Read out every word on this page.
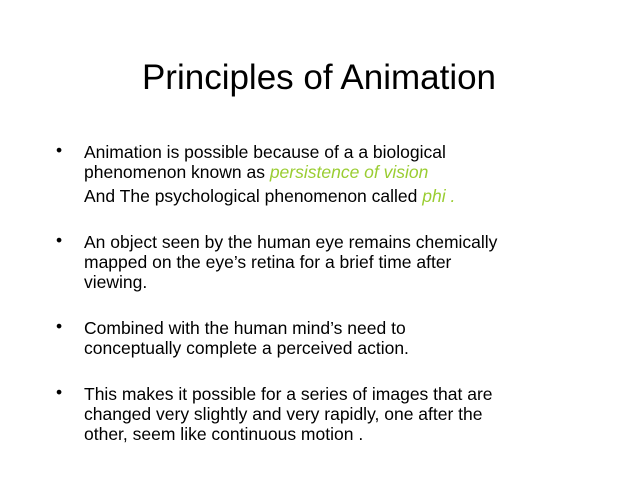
Principles of Animation
• Animation is possible because of a a biological
phenomenon known as persistence of vision
And The psychological phenomenon called phi .
• An object seen by the human eye remains chemically
mapped on the eye’s retina for a brief time after
viewing.
• Combined with the human mind’s need to
conceptually complete a perceived action.
• This makes it possible for a series of images that are
changed very slightly and very rapidly, one after the
other, seem like continuous motion .
